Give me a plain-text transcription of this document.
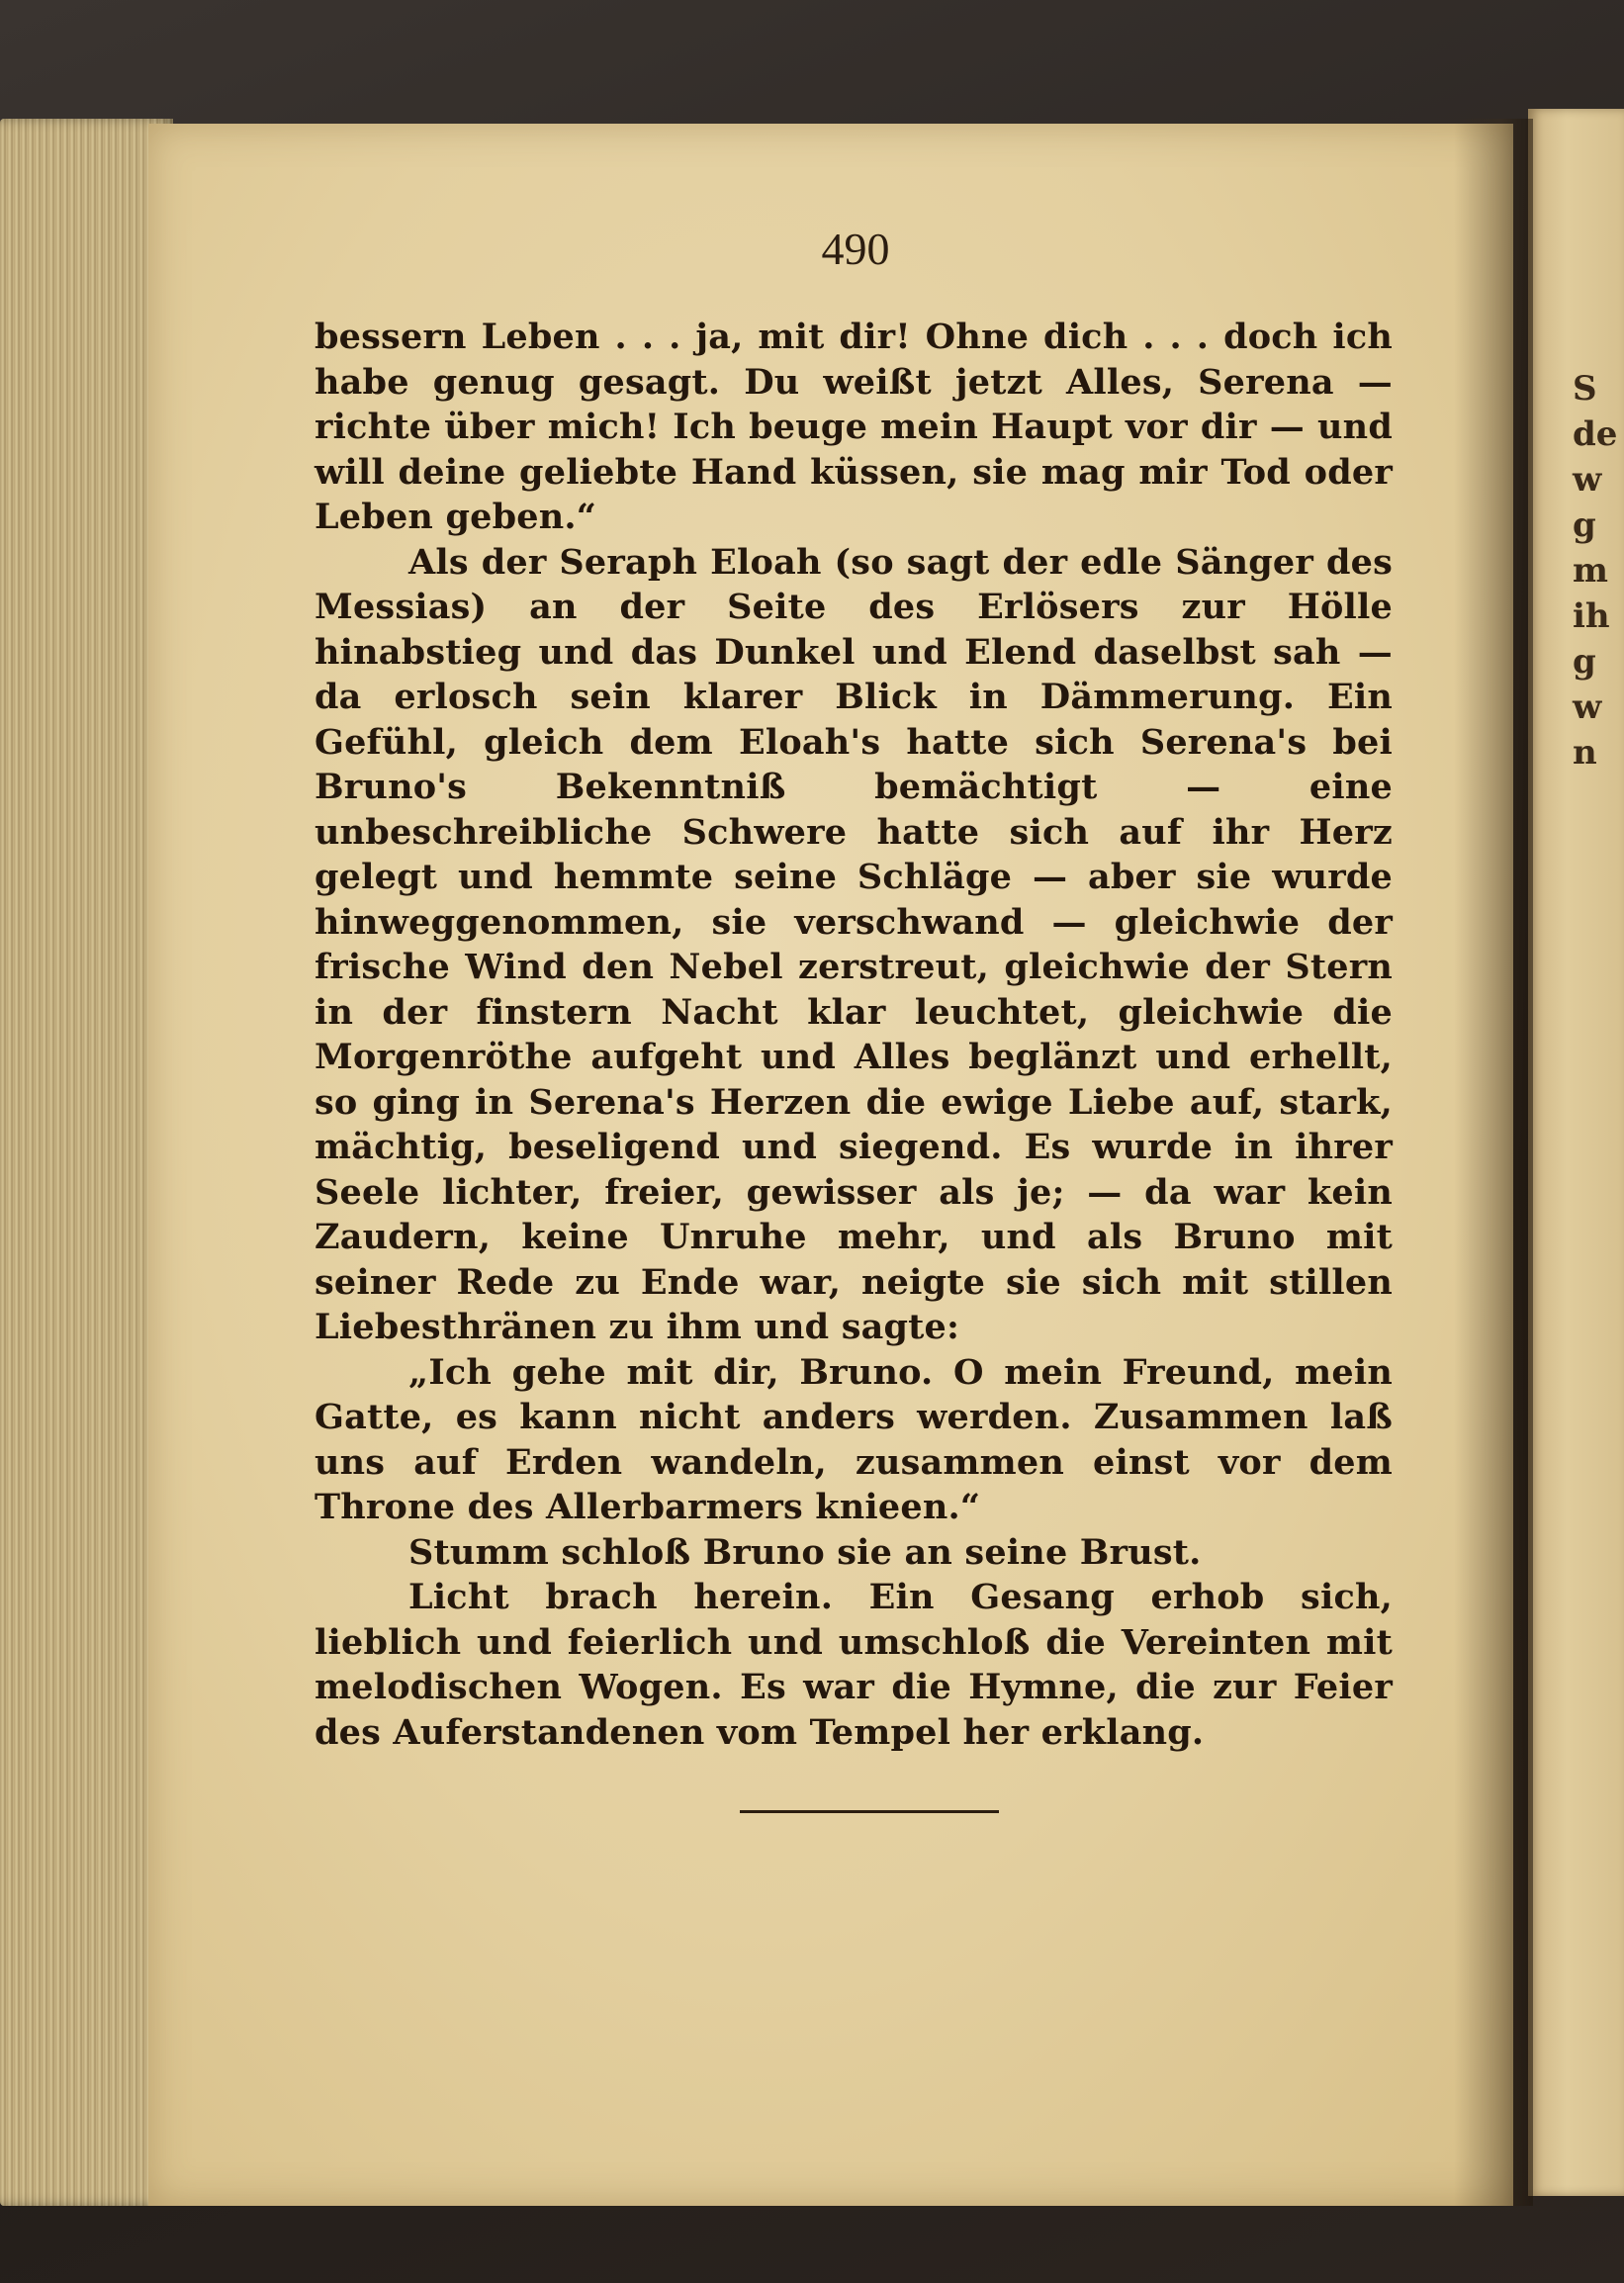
S
de
w
g
m
ih
g
w
n
490

bessern Leben . . . ja, mit dir! Ohne dich . . . doch ich habe genug gesagt. Du weißt jetzt Alles, Serena — richte über mich! Ich beuge mein Haupt vor dir — und will deine geliebte Hand küssen, sie mag mir Tod oder Leben geben.“

Als der Seraph Eloah (so sagt der edle Sänger des Messias) an der Seite des Erlösers zur Hölle hinabstieg und das Dunkel und Elend daselbst sah — da erlosch sein klarer Blick in Dämmerung. Ein Gefühl, gleich dem Eloah's hatte sich Serena's bei Bruno's Bekenntniß bemächtigt — eine unbeschreibliche Schwere hatte sich auf ihr Herz gelegt und hemmte seine Schläge — aber sie wurde hinweggenommen, sie verschwand — gleichwie der frische Wind den Nebel zerstreut, gleichwie der Stern in der finstern Nacht klar leuchtet, gleichwie die Morgenröthe aufgeht und Alles beglänzt und erhellt, so ging in Serena's Herzen die ewige Liebe auf, stark, mächtig, beseligend und siegend. Es wurde in ihrer Seele lichter, freier, gewisser als je; — da war kein Zaudern, keine Unruhe mehr, und als Bruno mit seiner Rede zu Ende war, neigte sie sich mit stillen Liebesthränen zu ihm und sagte:

„Ich gehe mit dir, Bruno. O mein Freund, mein Gatte, es kann nicht anders werden. Zusammen laß uns auf Erden wandeln, zusammen einst vor dem Throne des Allerbarmers knieen.“

Stumm schloß Bruno sie an seine Brust.

Licht brach herein. Ein Gesang erhob sich, lieblich und feierlich und umschloß die Vereinten mit melodischen Wogen. Es war die Hymne, die zur Feier des Auferstandenen vom Tempel her erklang.
